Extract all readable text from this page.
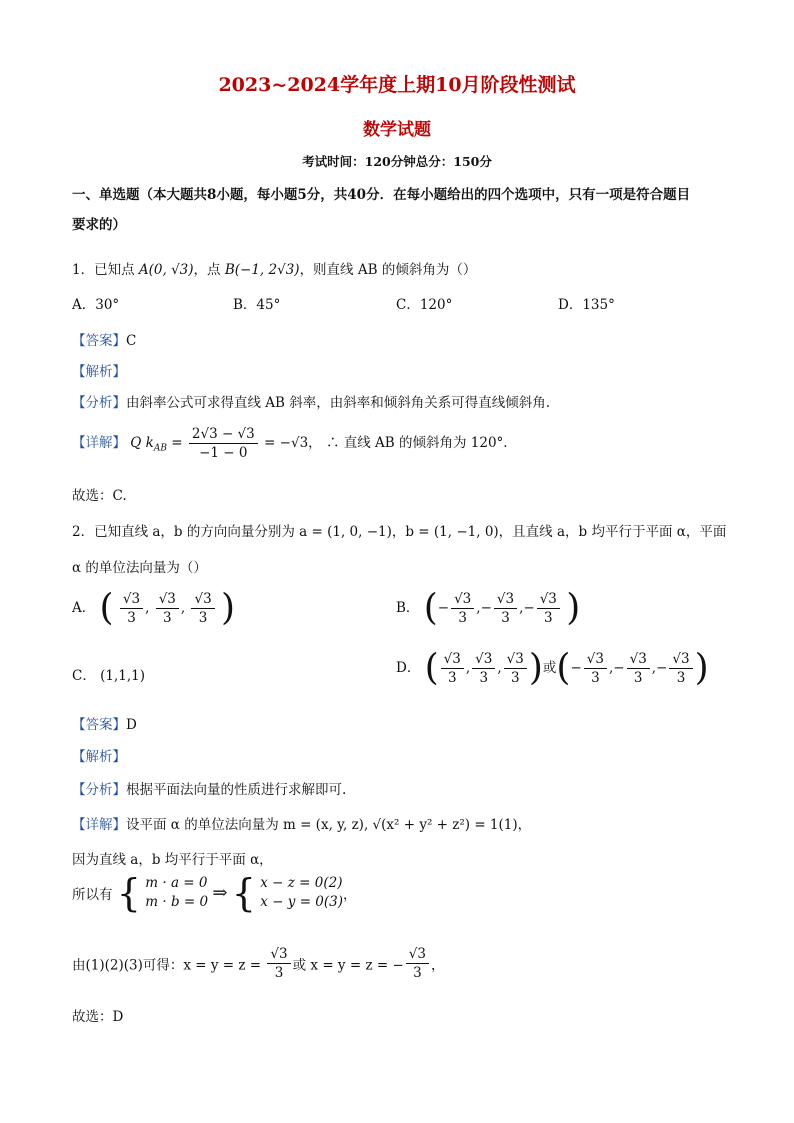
2023~2024学年度上期10月阶段性测试
数学试题
考试时间：120分钟总分：150分
一、单选题（本大题共8小题，每小题5分，共40分．在每小题给出的四个选项中，只有一项是符合题目
要求的）
1．已知点 A(0, √3)，点 B(−1, 2√3)，则直线 AB 的倾斜角为（）
A．30°	B．45°	C．120°	D．135°
【答案】C
【解析】
【分析】由斜率公式可求得直线 AB 斜率，由斜率和倾斜角关系可得直线倾斜角.
【详解】 Q $k_{AB} = \frac{2√3 - √3}{-1 - 0} = -√3$， ∴ 直线 AB 的倾斜角为 120°.
故选：C.
2．已知直线 a，b 的方向向量分别为 a = (1, 0, −1)，b = (1, −1, 0)，且直线 a，b 均平行于平面 α，平面
α 的单位法向量为（）
A． ( $\frac{√3}{3}$ , $\frac{√3}{3}$ , $\frac{√3}{3}$ )	B． (− $\frac{√3}{3}$ ,− $\frac{√3}{3}$ ,− $\frac{√3}{3}$ )
C． (1,1,1)	D． ( $\frac{√3}{3}$ , $\frac{√3}{3}$ , $\frac{√3}{3}$ )或(− $\frac{√3}{3}$ ,− $\frac{√3}{3}$ ,− $\frac{√3}{3}$ )
【答案】D
【解析】
【分析】根据平面法向量的性质进行求解即可.
【详解】设平面 α 的单位法向量为 m = (x, y, z), √(x² + y² + z²) = 1(1)，
因为直线 a，b 均平行于平面 α，
所以有 { m · a = 0
m · b = 0 ⇒ { x − z = 0(2)
x − y = 0(3) ，
由(1)(2)(3)可得：$x = y = z = \frac{√3}{3}$ 或 x = y = z = − $\frac{√3}{3}$ ，
故选：D
